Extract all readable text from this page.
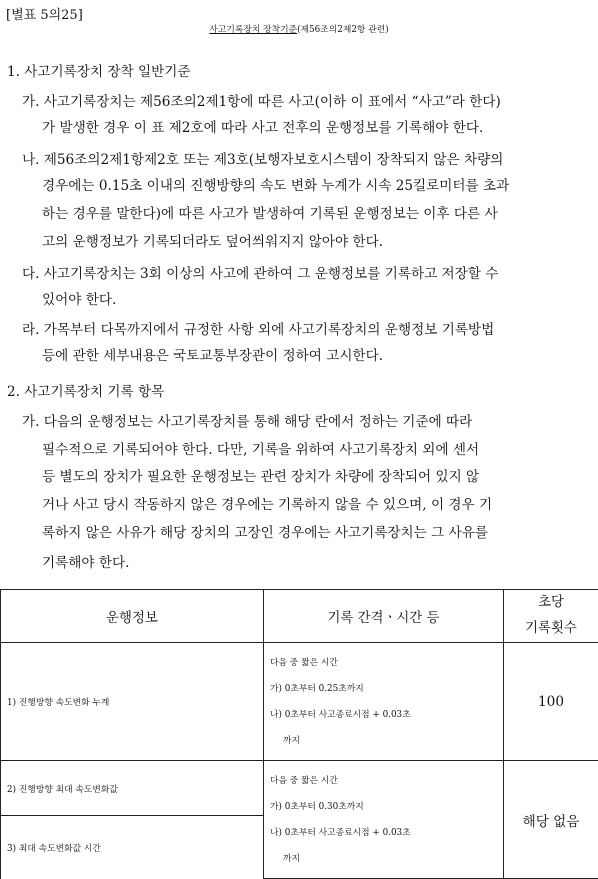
[별표 5의25]
사고기록장치 장착기준(제56조의2제2항 관련)
1. 사고기록장치 장착 일반기준
가. 사고기록장치는 제56조의2제1항에 따른 사고(이하 이 표에서 “사고”라 한다)
가 발생한 경우 이 표 제2호에 따라 사고 전후의 운행정보를 기록해야 한다.
나. 제56조의2제1항제2호 또는 제3호(보행자보호시스템이 장착되지 않은 차량의
경우에는 0.15초 이내의 진행방향의 속도 변화 누계가 시속 25킬로미터를 초과
하는 경우를 말한다)에 따른 사고가 발생하여 기록된 운행정보는 이후 다른 사
고의 운행정보가 기록되더라도 덮어씌워지지 않아야 한다.
다. 사고기록장치는 3회 이상의 사고에 관하여 그 운행정보를 기록하고 저장할 수
있어야 한다.
라. 가목부터 다목까지에서 규정한 사항 외에 사고기록장치의 운행정보 기록방법
등에 관한 세부내용은 국토교통부장관이 정하여 고시한다.
2. 사고기록장치 기록 항목
가. 다음의 운행정보는 사고기록장치를 통해 해당 란에서 정하는 기준에 따라
필수적으로 기록되어야 한다. 다만, 기록을 위하여 사고기록장치 외에 센서
등 별도의 장치가 필요한 운행정보는 관련 장치가 차량에 장착되어 있지 않
거나 사고 당시 작동하지 않은 경우에는 기록하지 않을 수 있으며, 이 경우 기
록하지 않은 사유가 해당 장치의 고장인 경우에는 사고기록장치는 그 사유를
기록해야 한다.
운행정보	기록 간격ㆍ시간 등	초당
기록횟수

1) 진행방향 속도변화 누계	다음 중 짧은 시간
가) 0초부터 0.25초까지
나) 0초부터 사고종료시점 + 0.03초
까지	100
2) 진행방향 최대 속도변화값	다음 중 짧은 시간
가) 0초부터 0.30초까지
나) 0초부터 사고종료시점 + 0.03초
까지	해당 없음
3) 최대 속도변화값 시간		
